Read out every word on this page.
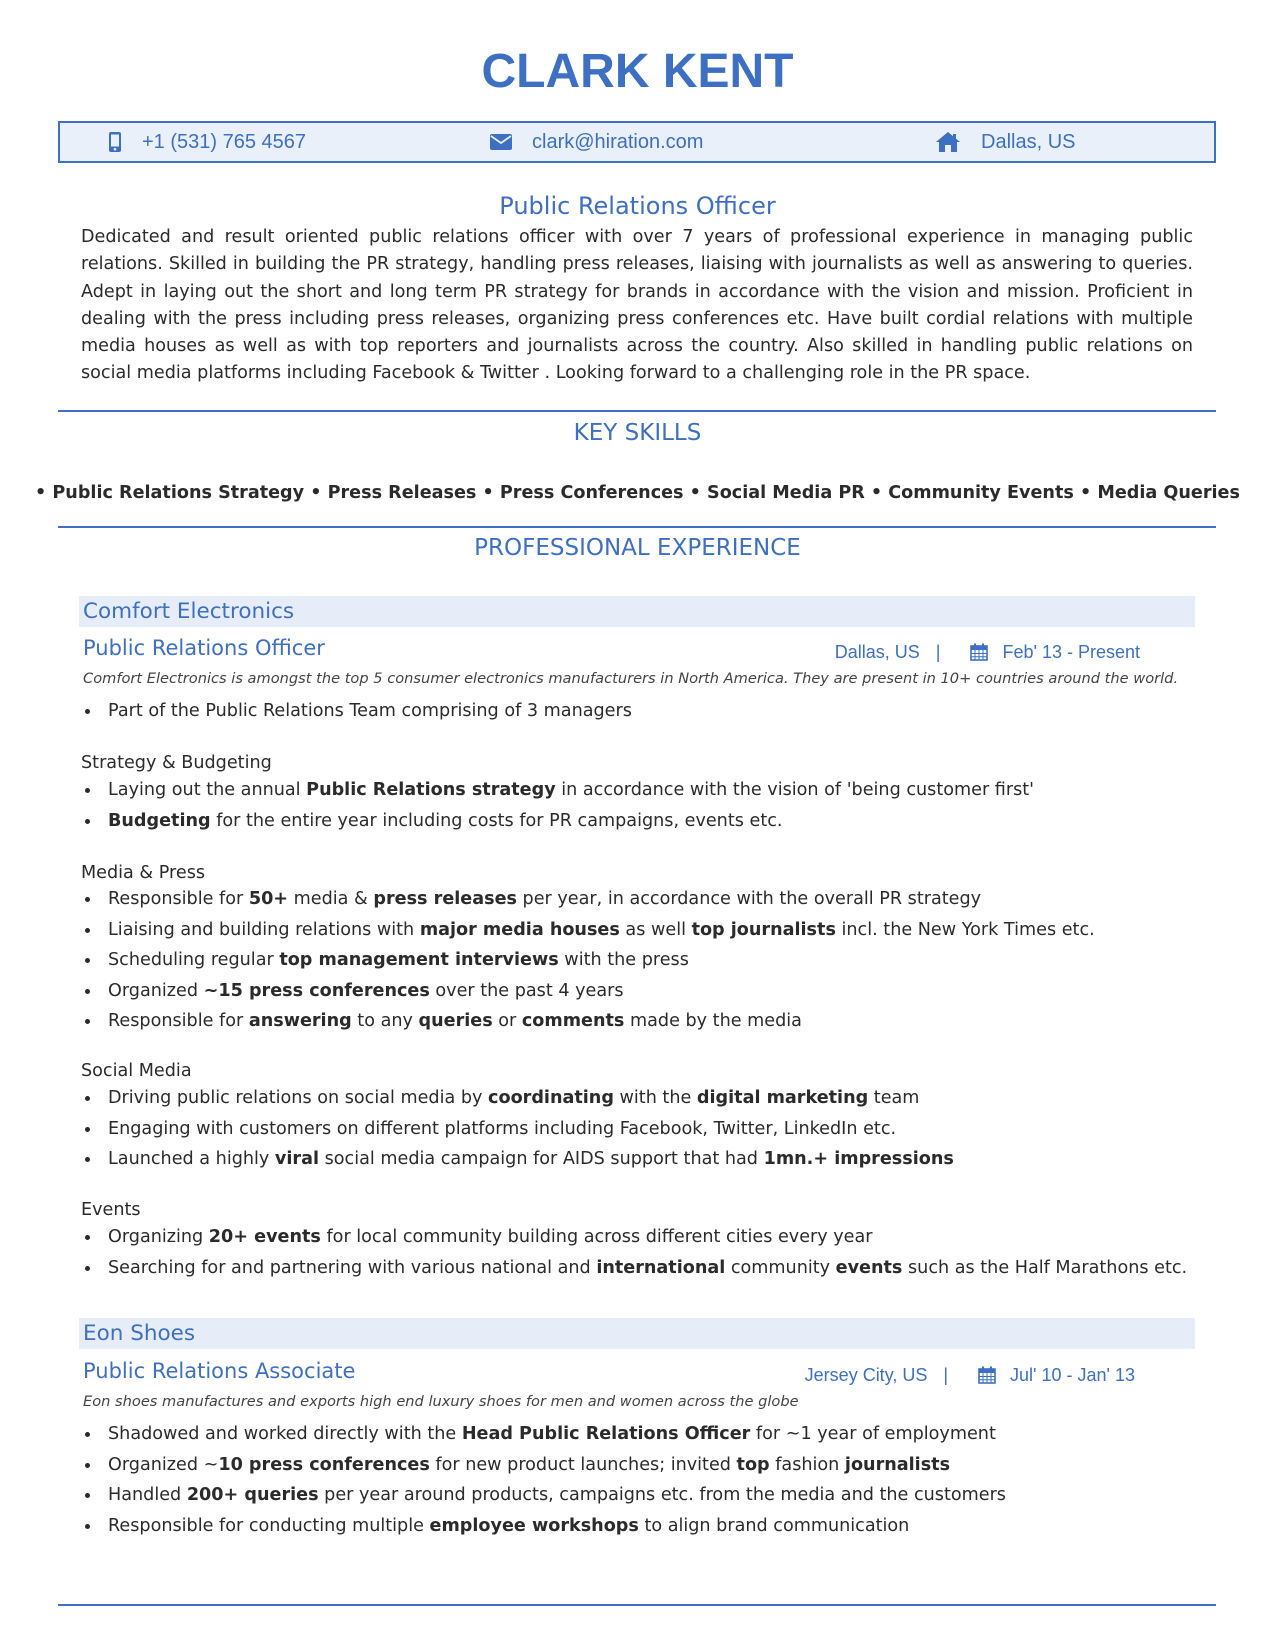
CLARK KENT
+1 (531) 765 4567	clark@hiration.com	Dallas, US
Public Relations Officer
Dedicated and result oriented public relations officer with over 7 years of professional experience in managing public relations. Skilled in building the PR strategy, handling press releases, liaising with journalists as well as answering to queries. Adept in laying out the short and long term PR strategy for brands in accordance with the vision and mission. Proficient in dealing with the press including press releases, organizing press conferences etc. Have built cordial relations with multiple media houses as well as with top reporters and journalists across the country. Also skilled in handling public relations on social media platforms including Facebook & Twitter . Looking forward to a challenging role in the PR space.
KEY SKILLS
• Public Relations Strategy • Press Releases • Press Conferences • Social Media PR • Community Events • Media Queries
PROFESSIONAL EXPERIENCE
Comfort Electronics
Public Relations Officer	Dallas, US |	Feb' 13 - Present
Comfort Electronics is amongst the top 5 consumer electronics manufacturers in North America. They are present in 10+ countries around the world.
Part of the Public Relations Team comprising of 3 managers
Strategy & Budgeting
Laying out the annual Public Relations strategy in accordance with the vision of 'being customer first'
Budgeting for the entire year including costs for PR campaigns, events etc.
Media & Press
Responsible for 50+ media & press releases per year, in accordance with the overall PR strategy
Liaising and building relations with major media houses as well top journalists incl. the New York Times etc.
Scheduling regular top management interviews with the press
Organized ~15 press conferences over the past 4 years
Responsible for answering to any queries or comments made by the media
Social Media
Driving public relations on social media by coordinating with the digital marketing team
Engaging with customers on different platforms including Facebook, Twitter, LinkedIn etc.
Launched a highly viral social media campaign for AIDS support that had 1mn.+ impressions
Events
Organizing 20+ events for local community building across different cities every year
Searching for and partnering with various national and international community events such as the Half Marathons etc.
Eon Shoes
Public Relations Associate	Jersey City, US |	Jul' 10 - Jan' 13
Eon shoes manufactures and exports high end luxury shoes for men and women across the globe
Shadowed and worked directly with the Head Public Relations Officer for ~1 year of employment
Organized ~10 press conferences for new product launches; invited top fashion journalists
Handled 200+ queries per year around products, campaigns etc. from the media and the customers
Responsible for conducting multiple employee workshops to align brand communication
